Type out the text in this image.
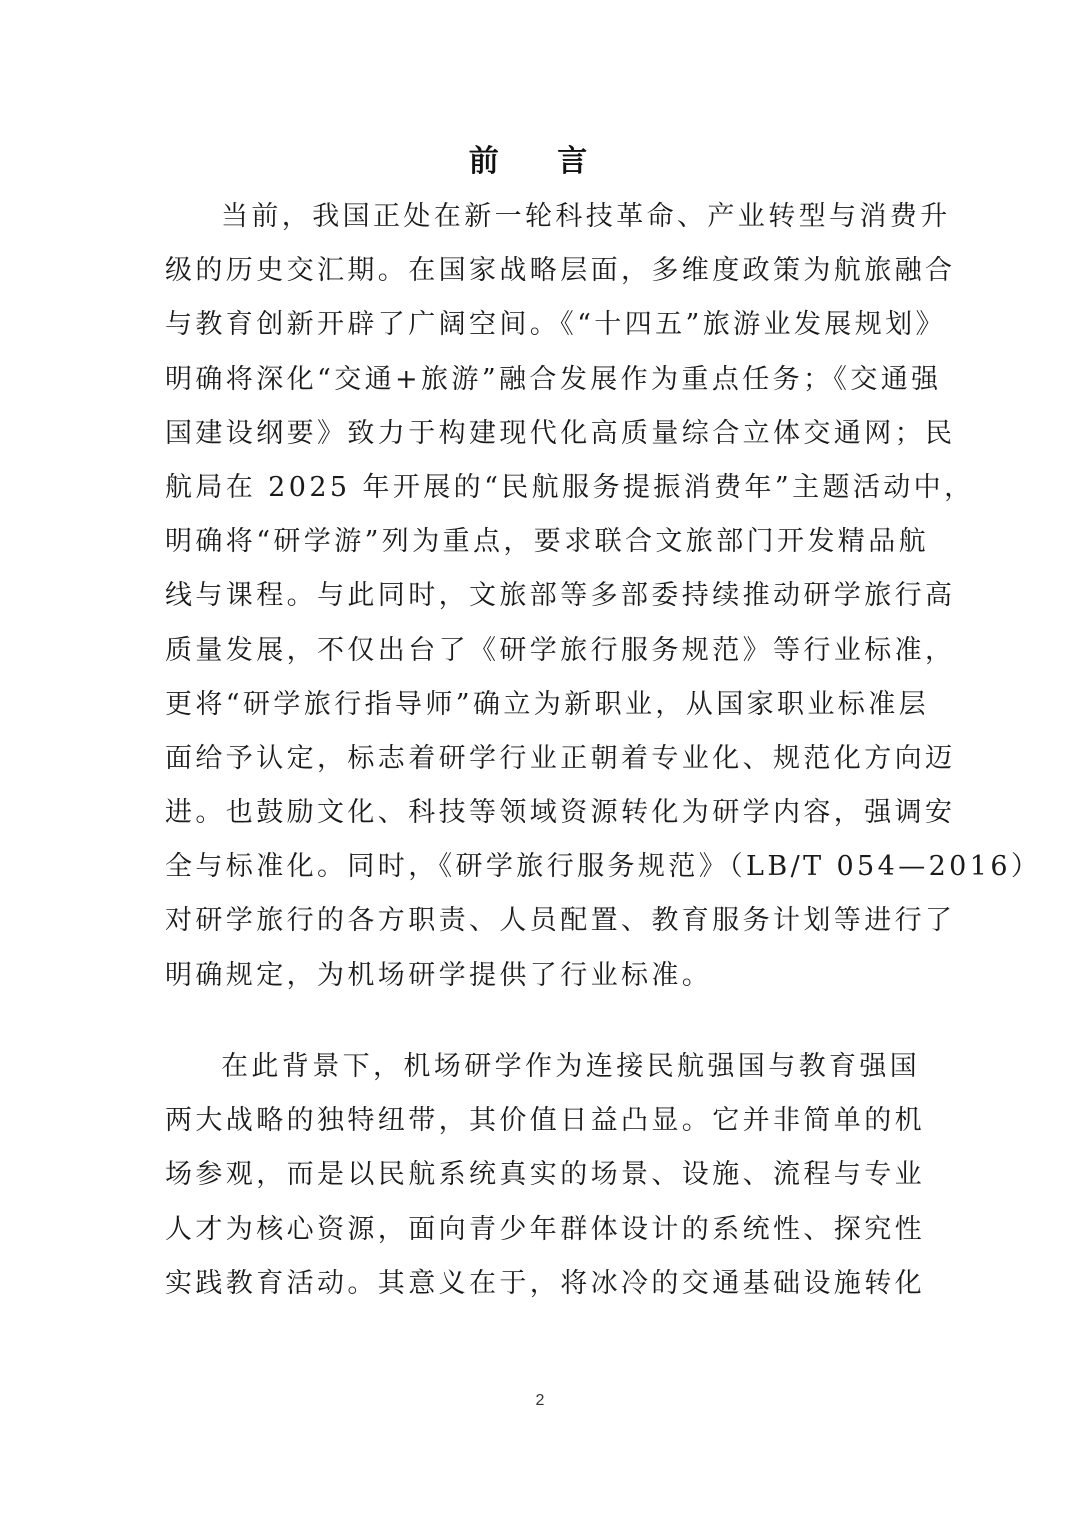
前 言
当前，我国正处在新一轮科技革命、产业转型与消费升
级的历史交汇期。在国家战略层面，多维度政策为航旅融合
与教育创新开辟了广阔空间。《“十四五”旅游业发展规划》
明确将深化“交通+旅游”融合发展作为重点任务；《交通强
国建设纲要》致力于构建现代化高质量综合立体交通网；民
航局在 2025 年开展的“民航服务提振消费年”主题活动中，
明确将“研学游”列为重点，要求联合文旅部门开发精品航
线与课程。与此同时，文旅部等多部委持续推动研学旅行高
质量发展，不仅出台了《研学旅行服务规范》等行业标准，
更将“研学旅行指导师”确立为新职业，从国家职业标准层
面给予认定，标志着研学行业正朝着专业化、规范化方向迈
进。也鼓励文化、科技等领域资源转化为研学内容，强调安
全与标准化。同时，《研学旅行服务规范》（LB/T 054—2016）
对研学旅行的各方职责、人员配置、教育服务计划等进行了
明确规定，为机场研学提供了行业标准。
在此背景下，机场研学作为连接民航强国与教育强国
两大战略的独特纽带，其价值日益凸显。它并非简单的机
场参观，而是以民航系统真实的场景、设施、流程与专业
人才为核心资源，面向青少年群体设计的系统性、探究性
实践教育活动。其意义在于，将冰冷的交通基础设施转化
2
